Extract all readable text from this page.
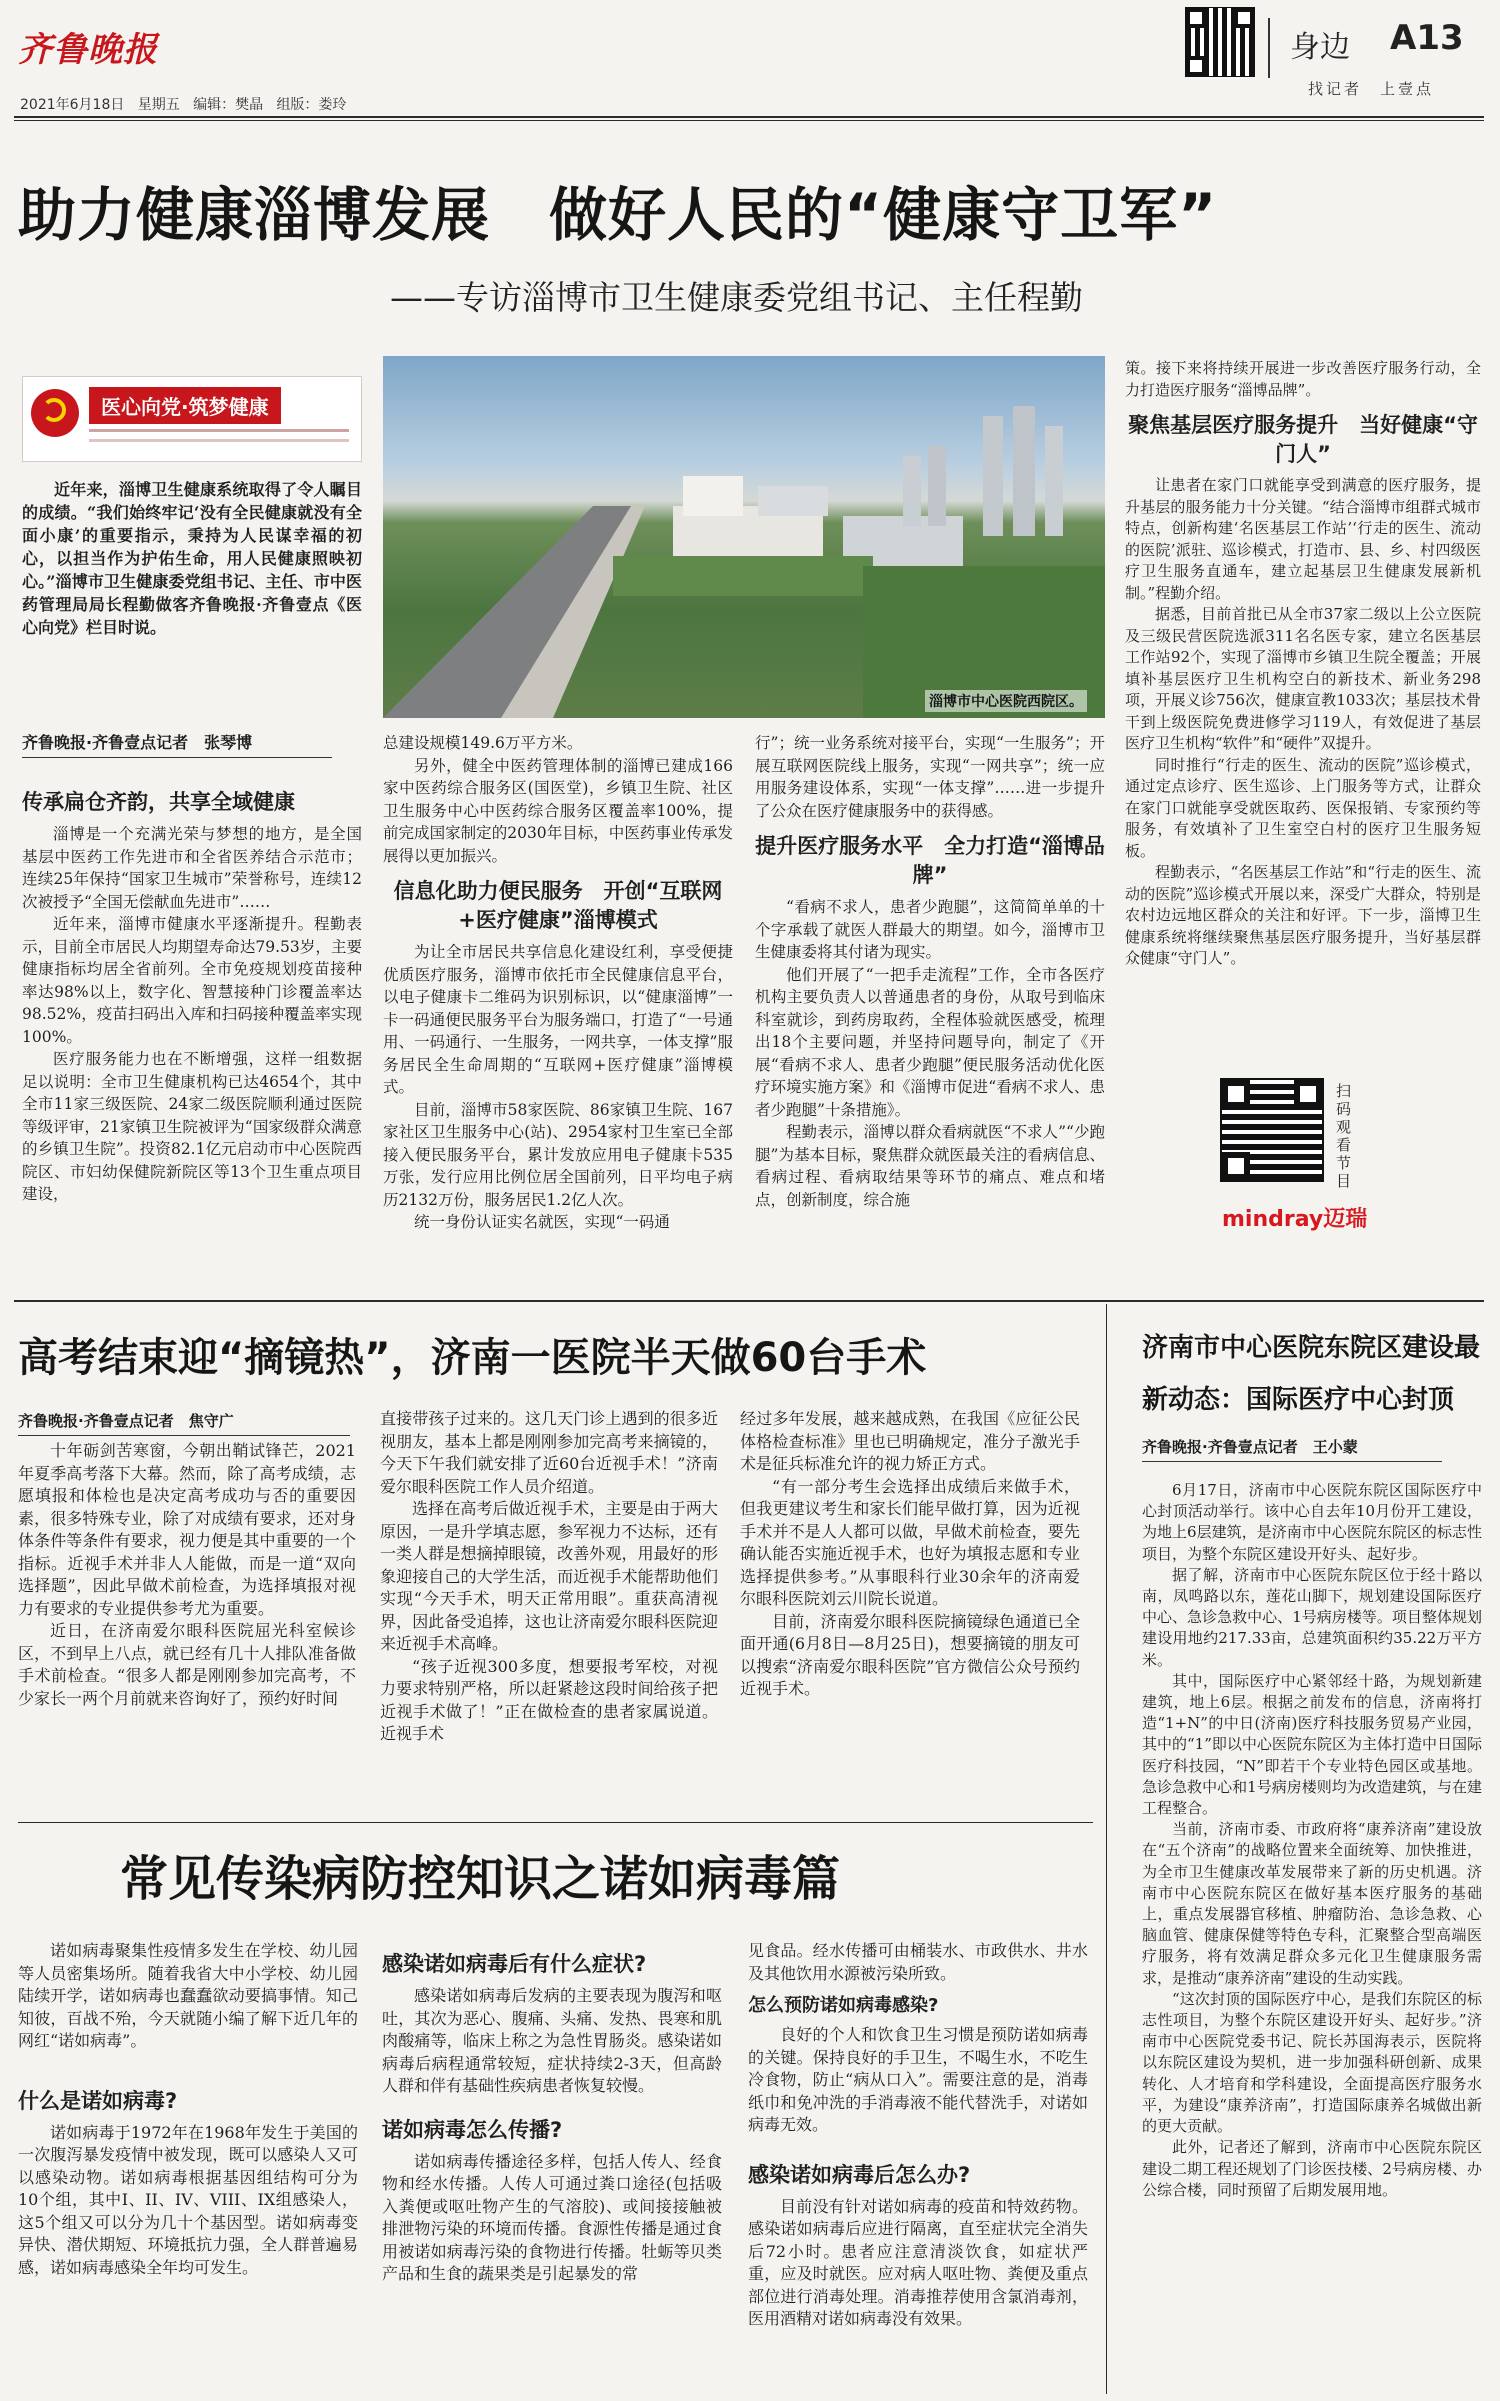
齐鲁晚报
2021年6月18日 星期五 编辑：樊晶 组版：娄玲
身边 A13
找记者　上壹点
助力健康淄博发展　做好人民的“健康守卫军”
——专访淄博市卫生健康委党组书记、主任程勤
医心向党·筑梦健康

近年来，淄博卫生健康系统取得了令人瞩目的成绩。“我们始终牢记‘没有全民健康就没有全面小康’的重要指示，秉持为人民谋幸福的初心，以担当作为护佑生命，用人民健康照映初心。”淄博市卫生健康委党组书记、主任、市中医药管理局局长程勤做客齐鲁晚报·齐鲁壹点《医心向党》栏目时说。

齐鲁晚报·齐鲁壹点记者　张琴博
淄博市中心医院西院区。
传承扁仓齐韵，共享全域健康

淄博是一个充满光荣与梦想的地方，是全国基层中医药工作先进市和全省医养结合示范市；连续25年保持“国家卫生城市”荣誉称号，连续12次被授予“全国无偿献血先进市”……

近年来，淄博市健康水平逐渐提升。程勤表示，目前全市居民人均期望寿命达79.53岁，主要健康指标均居全省前列。全市免疫规划疫苗接种率达98%以上，数字化、智慧接种门诊覆盖率达98.52%，疫苗扫码出入库和扫码接种覆盖率实现100%。

医疗服务能力也在不断增强，这样一组数据足以说明：全市卫生健康机构已达4654个，其中全市11家三级医院、24家二级医院顺利通过医院等级评审，21家镇卫生院被评为“国家级群众满意的乡镇卫生院”。投资82.1亿元启动市中心医院西院区、市妇幼保健院新院区等13个卫生重点项目建设，

总建设规模149.6万平方米。

另外，健全中医药管理体制的淄博已建成166家中医药综合服务区(国医堂)，乡镇卫生院、社区卫生服务中心中医药综合服务区覆盖率100%，提前完成国家制定的2030年目标，中医药事业传承发展得以更加振兴。

信息化助力便民服务　开创“互联网+医疗健康”淄博模式

为让全市居民共享信息化建设红利，享受便捷优质医疗服务，淄博市依托市全民健康信息平台，以电子健康卡二维码为识别标识，以“健康淄博”一卡一码通便民服务平台为服务端口，打造了“一号通用、一码通行、一生服务，一网共享，一体支撑”服务居民全生命周期的“互联网+医疗健康”淄博模式。

目前，淄博市58家医院、86家镇卫生院、167家社区卫生服务中心(站)、2954家村卫生室已全部接入便民服务平台，累计发放应用电子健康卡535万张，发行应用比例位居全国前列，日平均电子病历2132万份，服务居民1.2亿人次。

统一身份认证实名就医，实现“一码通

行”；统一业务系统对接平台，实现“一生服务”；开展互联网医院线上服务，实现“一网共享”；统一应用服务建设体系，实现“一体支撑”……进一步提升了公众在医疗健康服务中的获得感。

提升医疗服务水平　全力打造“淄博品牌”

“看病不求人，患者少跑腿”，这简简单单的十个字承载了就医人群最大的期望。如今，淄博市卫生健康委将其付诸为现实。

他们开展了“一把手走流程”工作，全市各医疗机构主要负责人以普通患者的身份，从取号到临床科室就诊，到药房取药，全程体验就医感受，梳理出18个主要问题，并坚持问题导向，制定了《开展“看病不求人、患者少跑腿”便民服务活动优化医疗环境实施方案》和《淄博市促进“看病不求人、患者少跑腿”十条措施》。

程勤表示，淄博以群众看病就医“不求人”“少跑腿”为基本目标，聚焦群众就医最关注的看病信息、看病过程、看病取结果等环节的痛点、难点和堵点，创新制度，综合施

策。接下来将持续开展进一步改善医疗服务行动，全力打造医疗服务“淄博品牌”。

聚焦基层医疗服务提升　当好健康“守门人”

让患者在家门口就能享受到满意的医疗服务，提升基层的服务能力十分关键。“结合淄博市组群式城市特点，创新构建‘名医基层工作站’‘行走的医生、流动的医院’派驻、巡诊模式，打造市、县、乡、村四级医疗卫生服务直通车，建立起基层卫生健康发展新机制。”程勤介绍。

据悉，目前首批已从全市37家二级以上公立医院及三级民营医院选派311名名医专家，建立名医基层工作站92个，实现了淄博市乡镇卫生院全覆盖；开展填补基层医疗卫生机构空白的新技术、新业务298项，开展义诊756次，健康宣教1033次；基层技术骨干到上级医院免费进修学习119人，有效促进了基层医疗卫生机构“软件”和“硬件”双提升。

同时推行“行走的医生、流动的医院”巡诊模式，通过定点诊疗、医生巡诊、上门服务等方式，让群众在家门口就能享受就医取药、医保报销、专家预约等服务，有效填补了卫生室空白村的医疗卫生服务短板。

程勤表示，“名医基层工作站”和“行走的医生、流动的医院”巡诊模式开展以来，深受广大群众，特别是农村边远地区群众的关注和好评。下一步，淄博卫生健康系统将继续聚焦基层医疗服务提升，当好基层群众健康“守门人”。

扫码观看节目
mindray迈瑞
高考结束迎“摘镜热”，济南一医院半天做60台手术
齐鲁晚报·齐鲁壹点记者　焦守广

十年砺剑苦寒窗，今朝出鞘试锋芒，2021年夏季高考落下大幕。然而，除了高考成绩，志愿填报和体检也是决定高考成功与否的重要因素，很多特殊专业，除了对成绩有要求，还对身体条件等条件有要求，视力便是其中重要的一个指标。近视手术并非人人能做，而是一道“双向选择题”，因此早做术前检查，为选择填报对视力有要求的专业提供参考尤为重要。

近日，在济南爱尔眼科医院屈光科室候诊区，不到早上八点，就已经有几十人排队准备做手术前检查。“很多人都是刚刚参加完高考，不少家长一两个月前就来咨询好了，预约好时间

直接带孩子过来的。这几天门诊上遇到的很多近视朋友，基本上都是刚刚参加完高考来摘镜的，今天下午我们就安排了近60台近视手术！”济南爱尔眼科医院工作人员介绍道。

选择在高考后做近视手术，主要是由于两大原因，一是升学填志愿，参军视力不达标，还有一类人群是想摘掉眼镜，改善外观，用最好的形象迎接自己的大学生活，而近视手术能帮助他们实现“今天手术，明天正常用眼”。重获高清视界，因此备受追捧，这也让济南爱尔眼科医院迎来近视手术高峰。

“孩子近视300多度，想要报考军校，对视力要求特别严格，所以赶紧趁这段时间给孩子把近视手术做了！”正在做检查的患者家属说道。近视手术

经过多年发展，越来越成熟，在我国《应征公民体格检查标准》里也已明确规定，准分子激光手术是征兵标准允许的视力矫正方式。

“有一部分考生会选择出成绩后来做手术，但我更建议考生和家长们能早做打算，因为近视手术并不是人人都可以做，早做术前检查，要先确认能否实施近视手术，也好为填报志愿和专业选择提供参考。”从事眼科行业30余年的济南爱尔眼科医院刘云川院长说道。

目前，济南爱尔眼科医院摘镜绿色通道已全面开通(6月8日—8月25日)，想要摘镜的朋友可以搜索“济南爱尔眼科医院”官方微信公众号预约近视手术。

济南市中心医院东院区建设最新动态：国际医疗中心封顶
齐鲁晚报·齐鲁壹点记者　王小蒙

6月17日，济南市中心医院东院区国际医疗中心封顶活动举行。该中心自去年10月份开工建设，为地上6层建筑，是济南市中心医院东院区的标志性项目，为整个东院区建设开好头、起好步。

据了解，济南市中心医院东院区位于经十路以南，凤鸣路以东，莲花山脚下，规划建设国际医疗中心、急诊急救中心、1号病房楼等。项目整体规划建设用地约217.33亩，总建筑面积约35.22万平方米。

其中，国际医疗中心紧邻经十路，为规划新建建筑，地上6层。根据之前发布的信息，济南将打造“1+N”的中日(济南)医疗科技服务贸易产业园，其中的“1”即以中心医院东院区为主体打造中日国际医疗科技园，“N”即若干个专业特色园区或基地。急诊急救中心和1号病房楼则均为改造建筑，与在建工程整合。

当前，济南市委、市政府将“康养济南”建设放在“五个济南”的战略位置来全面统筹、加快推进，为全市卫生健康改革发展带来了新的历史机遇。济南市中心医院东院区在做好基本医疗服务的基础上，重点发展器官移植、肿瘤防治、急诊急救、心脑血管、健康保健等特色专科，汇聚整合型高端医疗服务，将有效满足群众多元化卫生健康服务需求，是推动“康养济南”建设的生动实践。

“这次封顶的国际医疗中心，是我们东院区的标志性项目，为整个东院区建设开好头、起好步。”济南市中心医院党委书记、院长苏国海表示，医院将以东院区建设为契机，进一步加强科研创新、成果转化、人才培育和学科建设，全面提高医疗服务水平，为建设“康养济南”，打造国际康养名城做出新的更大贡献。

此外，记者还了解到，济南市中心医院东院区建设二期工程还规划了门诊医技楼、2号病房楼、办公综合楼，同时预留了后期发展用地。

常见传染病防控知识之诺如病毒篇

诺如病毒聚集性疫情多发生在学校、幼儿园等人员密集场所。随着我省大中小学校、幼儿园陆续开学，诺如病毒也蠢蠢欲动要搞事情。知己知彼，百战不殆，今天就随小编了解下近几年的网红“诺如病毒”。

什么是诺如病毒?

诺如病毒于1972年在1968年发生于美国的一次腹泻暴发疫情中被发现，既可以感染人又可以感染动物。诺如病毒根据基因组结构可分为10个组，其中I、II、IV、VIII、IX组感染人，这5个组又可以分为几十个基因型。诺如病毒变异快、潜伏期短、环境抵抗力强，全人群普遍易感，诺如病毒感染全年均可发生。

感染诺如病毒后有什么症状?

感染诺如病毒后发病的主要表现为腹泻和呕吐，其次为恶心、腹痛、头痛、发热、畏寒和肌肉酸痛等，临床上称之为急性胃肠炎。感染诺如病毒后病程通常较短，症状持续2-3天，但高龄人群和伴有基础性疾病患者恢复较慢。

诺如病毒怎么传播?

诺如病毒传播途径多样，包括人传人、经食物和经水传播。人传人可通过粪口途径(包括吸入粪便或呕吐物产生的气溶胶)、或间接接触被排泄物污染的环境而传播。食源性传播是通过食用被诺如病毒污染的食物进行传播。牡蛎等贝类产品和生食的蔬果类是引起暴发的常

见食品。经水传播可由桶装水、市政供水、井水及其他饮用水源被污染所致。

怎么预防诺如病毒感染?

良好的个人和饮食卫生习惯是预防诺如病毒的关键。保持良好的手卫生，不喝生水，不吃生冷食物，防止“病从口入”。需要注意的是，消毒纸巾和免冲洗的手消毒液不能代替洗手，对诺如病毒无效。

感染诺如病毒后怎么办?

目前没有针对诺如病毒的疫苗和特效药物。感染诺如病毒后应进行隔离，直至症状完全消失后72小时。患者应注意清淡饮食，如症状严重，应及时就医。应对病人呕吐物、粪便及重点部位进行消毒处理。消毒推荐使用含氯消毒剂，医用酒精对诺如病毒没有效果。
